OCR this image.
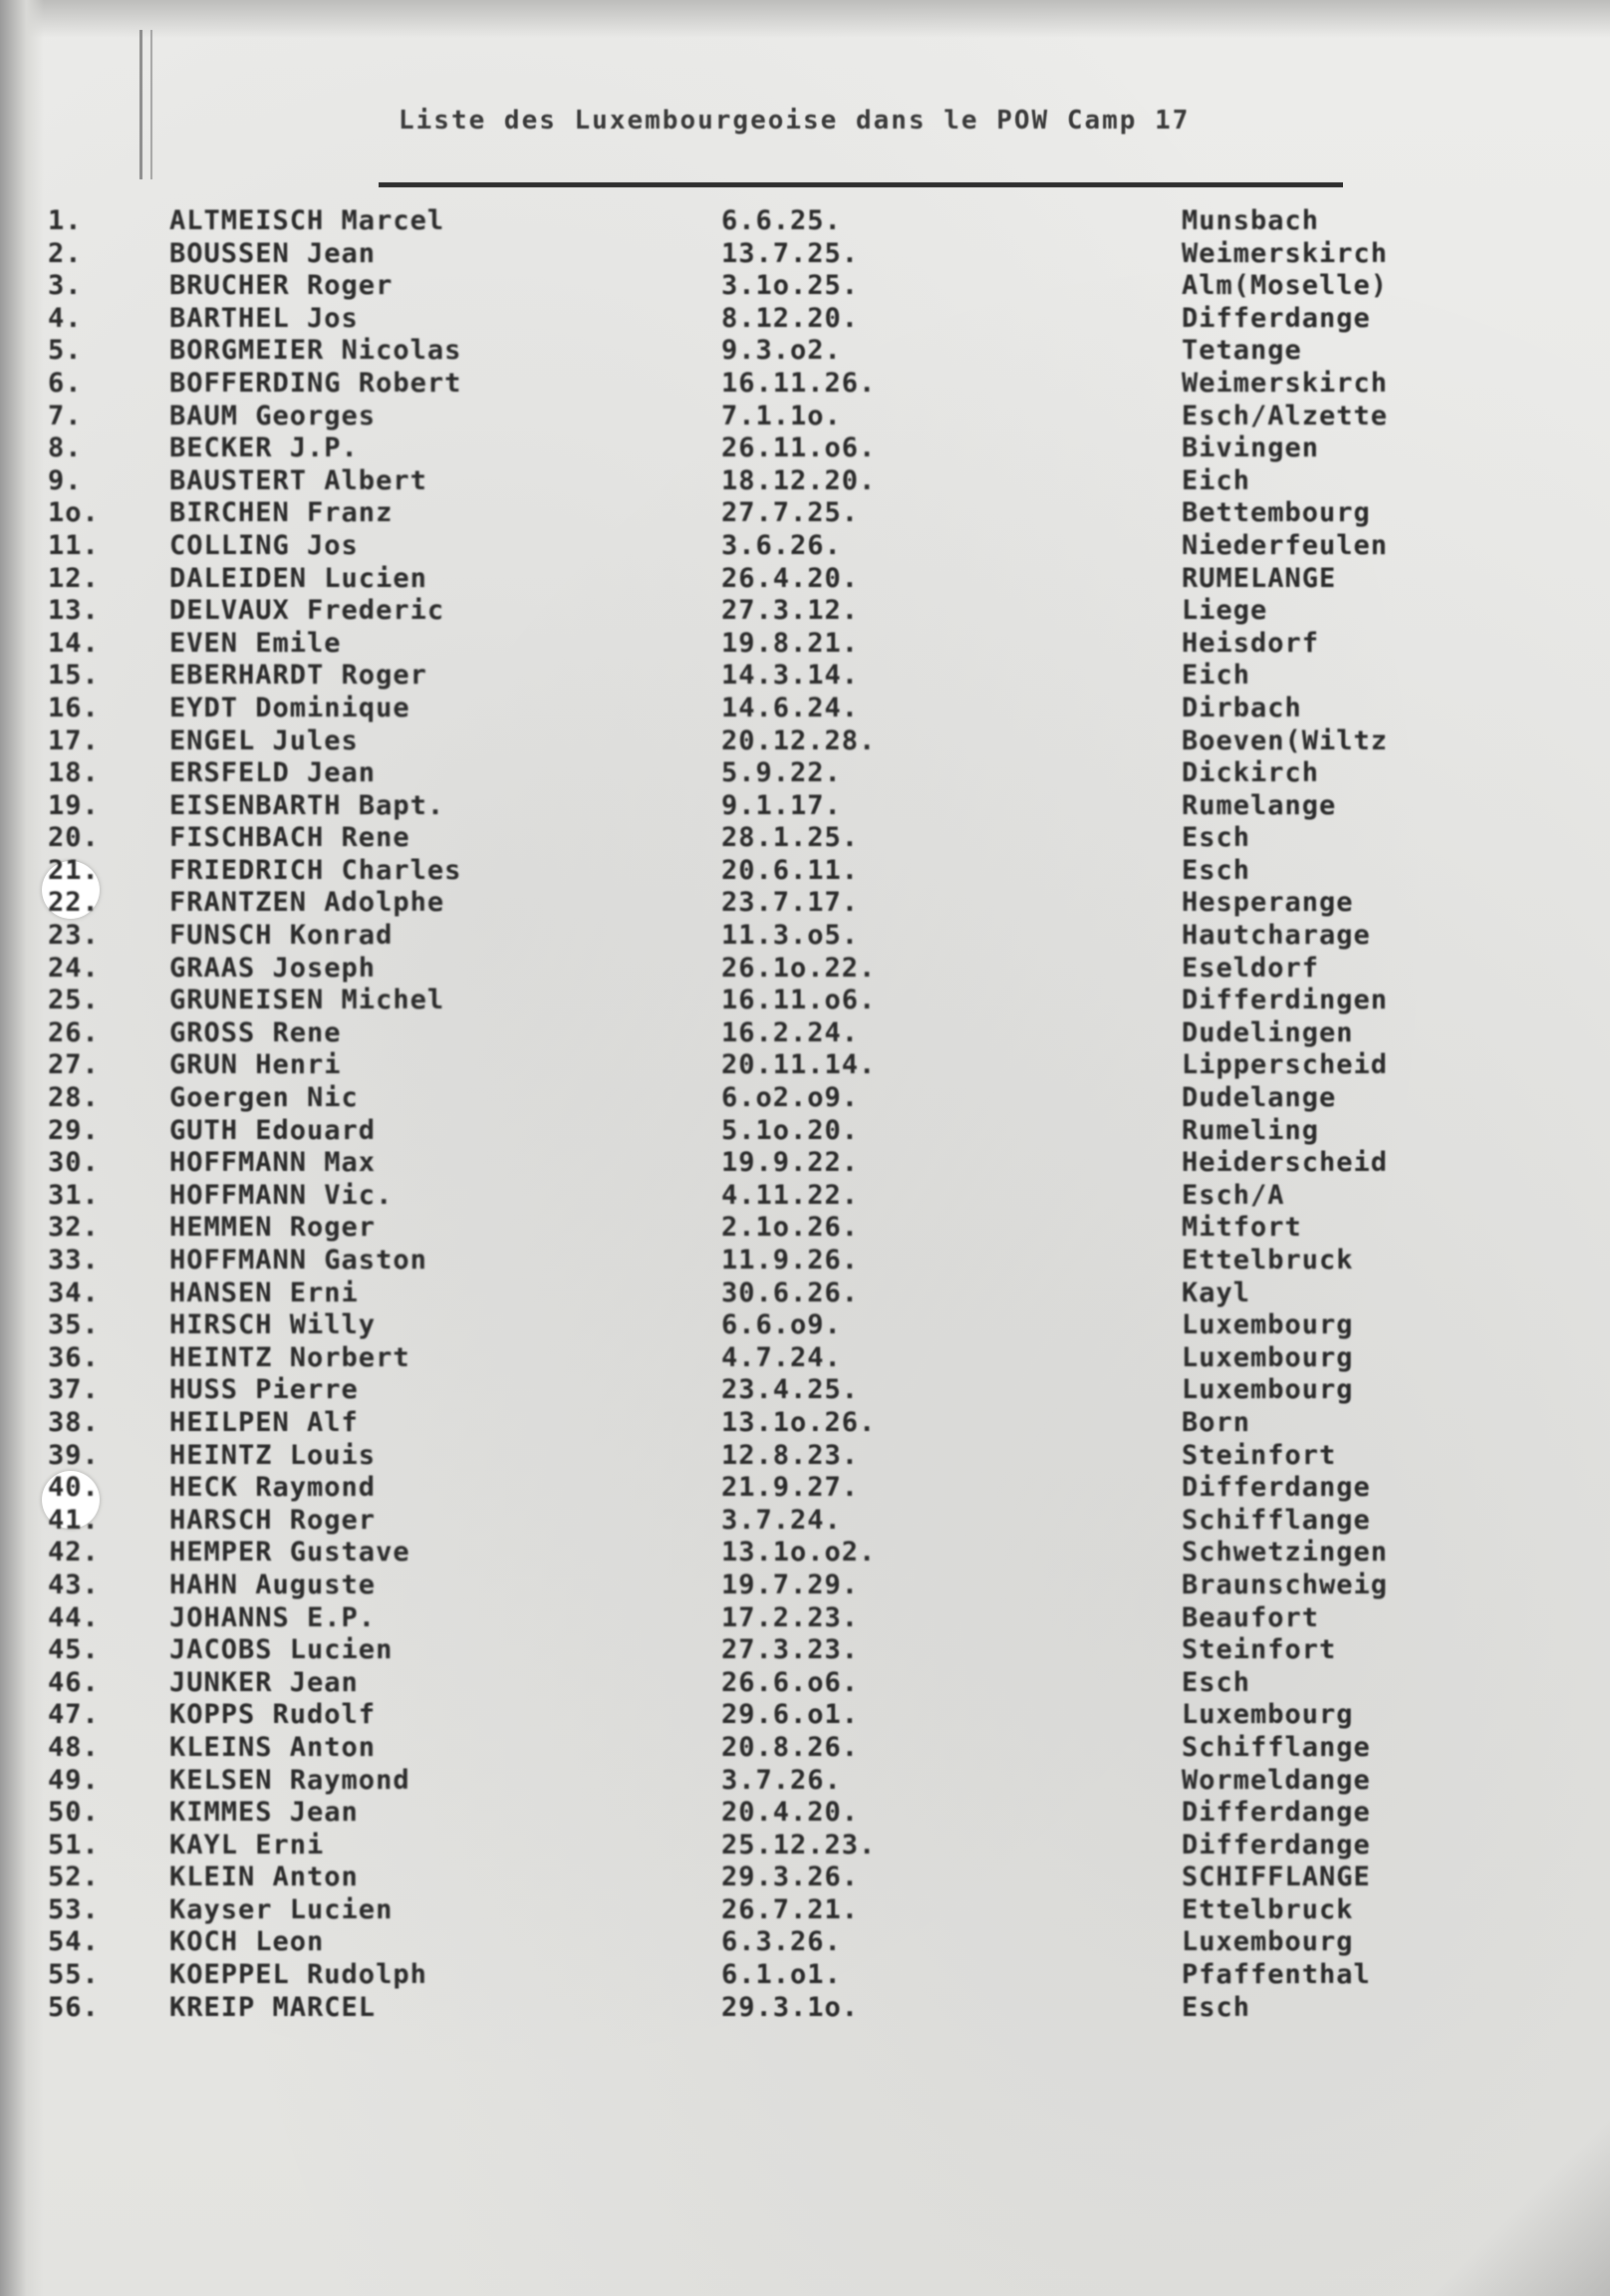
Liste des Luxembourgeoise dans le POW Camp 17
1.	ALTMEISCH Marcel	6.6.25.	Munsbach
2.	BOUSSEN Jean	13.7.25.	Weimerskirch
3.	BRUCHER Roger	3.1o.25.	Alm(Moselle)
4.	BARTHEL Jos	8.12.20.	Differdange
5.	BORGMEIER Nicolas	9.3.o2.	Tetange
6.	BOFFERDING Robert	16.11.26.	Weimerskirch
7.	BAUM Georges	7.1.1o.	Esch/Alzette
8.	BECKER J.P.	26.11.o6.	Bivingen
9.	BAUSTERT Albert	18.12.20.	Eich
1o.	BIRCHEN Franz	27.7.25.	Bettembourg
11.	COLLING Jos	3.6.26.	Niederfeulen
12.	DALEIDEN Lucien	26.4.20.	RUMELANGE
13.	DELVAUX Frederic	27.3.12.	Liege
14.	EVEN Emile	19.8.21.	Heisdorf
15.	EBERHARDT Roger	14.3.14.	Eich
16.	EYDT Dominique	14.6.24.	Dirbach
17.	ENGEL Jules	20.12.28.	Boeven(Wiltz
18.	ERSFELD Jean	5.9.22.	Dickirch
19.	EISENBARTH Bapt.	9.1.17.	Rumelange
20.	FISCHBACH Rene	28.1.25.	Esch
21.	FRIEDRICH Charles	20.6.11.	Esch
22.	FRANTZEN Adolphe	23.7.17.	Hesperange
23.	FUNSCH Konrad	11.3.o5.	Hautcharage
24.	GRAAS Joseph	26.1o.22.	Eseldorf
25.	GRUNEISEN Michel	16.11.o6.	Differdingen
26.	GROSS Rene	16.2.24.	Dudelingen
27.	GRUN Henri	20.11.14.	Lipperscheid
28.	Goergen Nic	6.o2.o9.	Dudelange
29.	GUTH Edouard	5.1o.20.	Rumeling
30.	HOFFMANN Max	19.9.22.	Heiderscheid
31.	HOFFMANN Vic.	4.11.22.	Esch/A
32.	HEMMEN Roger	2.1o.26.	Mitfort
33.	HOFFMANN Gaston	11.9.26.	Ettelbruck
34.	HANSEN Erni	30.6.26.	Kayl
35.	HIRSCH Willy	6.6.o9.	Luxembourg
36.	HEINTZ Norbert	4.7.24.	Luxembourg
37.	HUSS Pierre	23.4.25.	Luxembourg
38.	HEILPEN Alf	13.1o.26.	Born
39.	HEINTZ Louis	12.8.23.	Steinfort
40.	HECK Raymond	21.9.27.	Differdange
41.	HARSCH Roger	3.7.24.	Schifflange
42.	HEMPER Gustave	13.1o.o2.	Schwetzingen
43.	HAHN Auguste	19.7.29.	Braunschweig
44.	JOHANNS E.P.	17.2.23.	Beaufort
45.	JACOBS Lucien	27.3.23.	Steinfort
46.	JUNKER Jean	26.6.o6.	Esch
47.	KOPPS Rudolf	29.6.o1.	Luxembourg
48.	KLEINS Anton	20.8.26.	Schifflange
49.	KELSEN Raymond	3.7.26.	Wormeldange
50.	KIMMES Jean	20.4.20.	Differdange
51.	KAYL Erni	25.12.23.	Differdange
52.	KLEIN Anton	29.3.26.	SCHIFFLANGE
53.	Kayser Lucien	26.7.21.	Ettelbruck
54.	KOCH Leon	6.3.26.	Luxembourg
55.	KOEPPEL Rudolph	6.1.o1.	Pfaffenthal
56.	KREIP MARCEL	29.3.1o.	Esch
